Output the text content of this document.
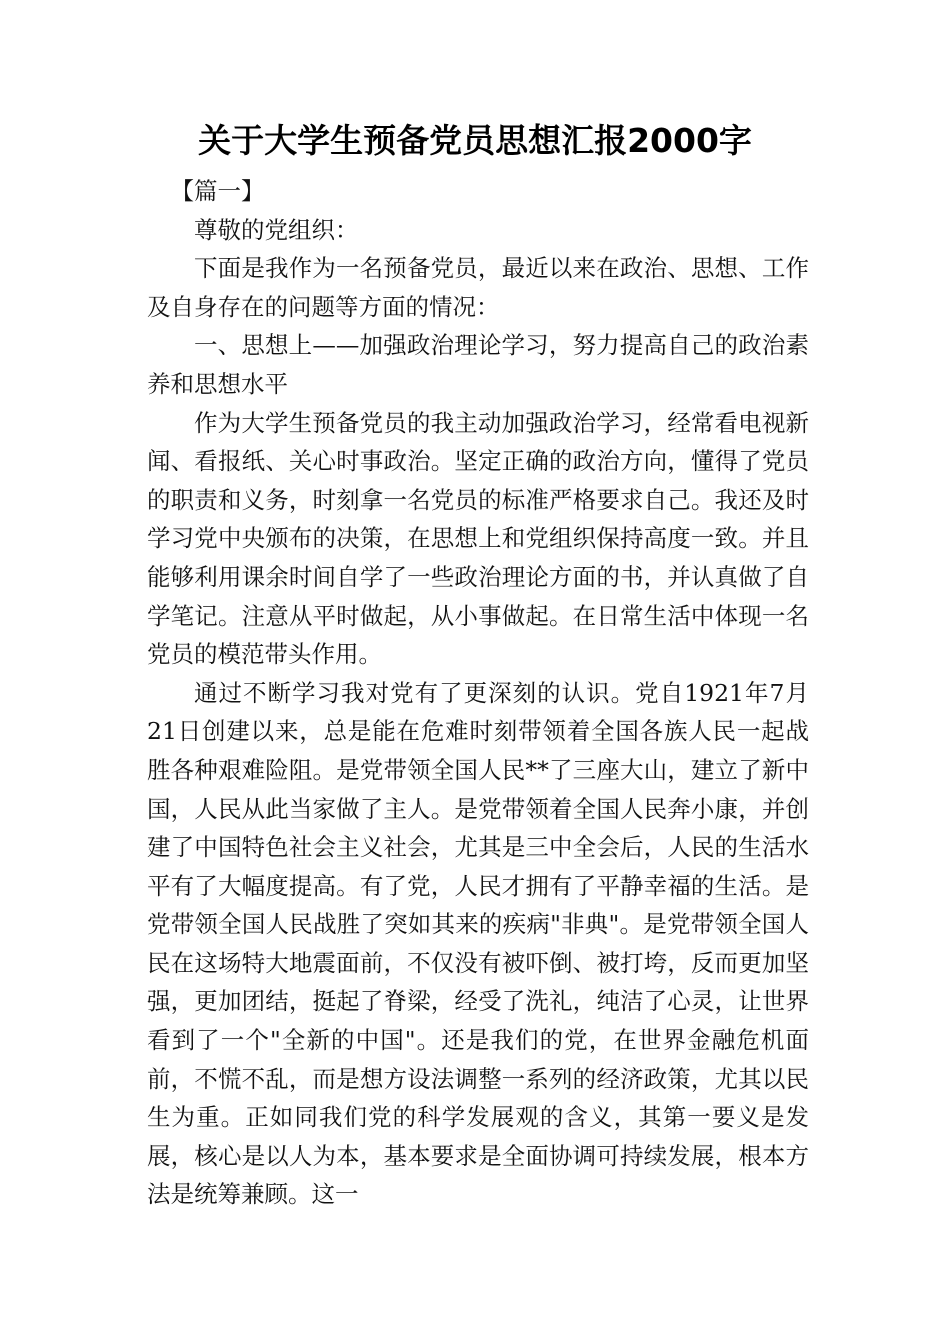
关于大学生预备党员思想汇报2000字

【篇一】

尊敬的党组织：

下面是我作为一名预备党员，最近以来在政治、思想、工作及自身存在的问题等方面的情况：

一、思想上——加强政治理论学习，努力提高自己的政治素养和思想水平

作为大学生预备党员的我主动加强政治学习，经常看电视新闻、看报纸、关心时事政治。坚定正确的政治方向，懂得了党员的职责和义务，时刻拿一名党员的标准严格要求自己。我还及时学习党中央颁布的决策，在思想上和党组织保持高度一致。并且能够利用课余时间自学了一些政治理论方面的书，并认真做了自学笔记。注意从平时做起，从小事做起。在日常生活中体现一名党员的模范带头作用。

通过不断学习我对党有了更深刻的认识。党自1921年7月21日创建以来，总是能在危难时刻带领着全国各族人民一起战胜各种艰难险阻。是党带领全国人民**了三座大山，建立了新中国，人民从此当家做了主人。是党带领着全国人民奔小康，并创建了中国特色社会主义社会，尤其是三中全会后，人民的生活水平有了大幅度提高。有了党，人民才拥有了平静幸福的生活。是党带领全国人民战胜了突如其来的疾病"非典"。是党带领全国人民在这场特大地震面前，不仅没有被吓倒、被打垮，反而更加坚强，更加团结，挺起了脊梁，经受了洗礼，纯洁了心灵，让世界看到了一个"全新的中国"。还是我们的党，在世界金融危机面前，不慌不乱，而是想方设法调整一系列的经济政策，尤其以民生为重。正如同我们党的科学发展观的含义，其第一要义是发展，核心是以人为本，基本要求是全面协调可持续发展，根本方法是统筹兼顾。这一
